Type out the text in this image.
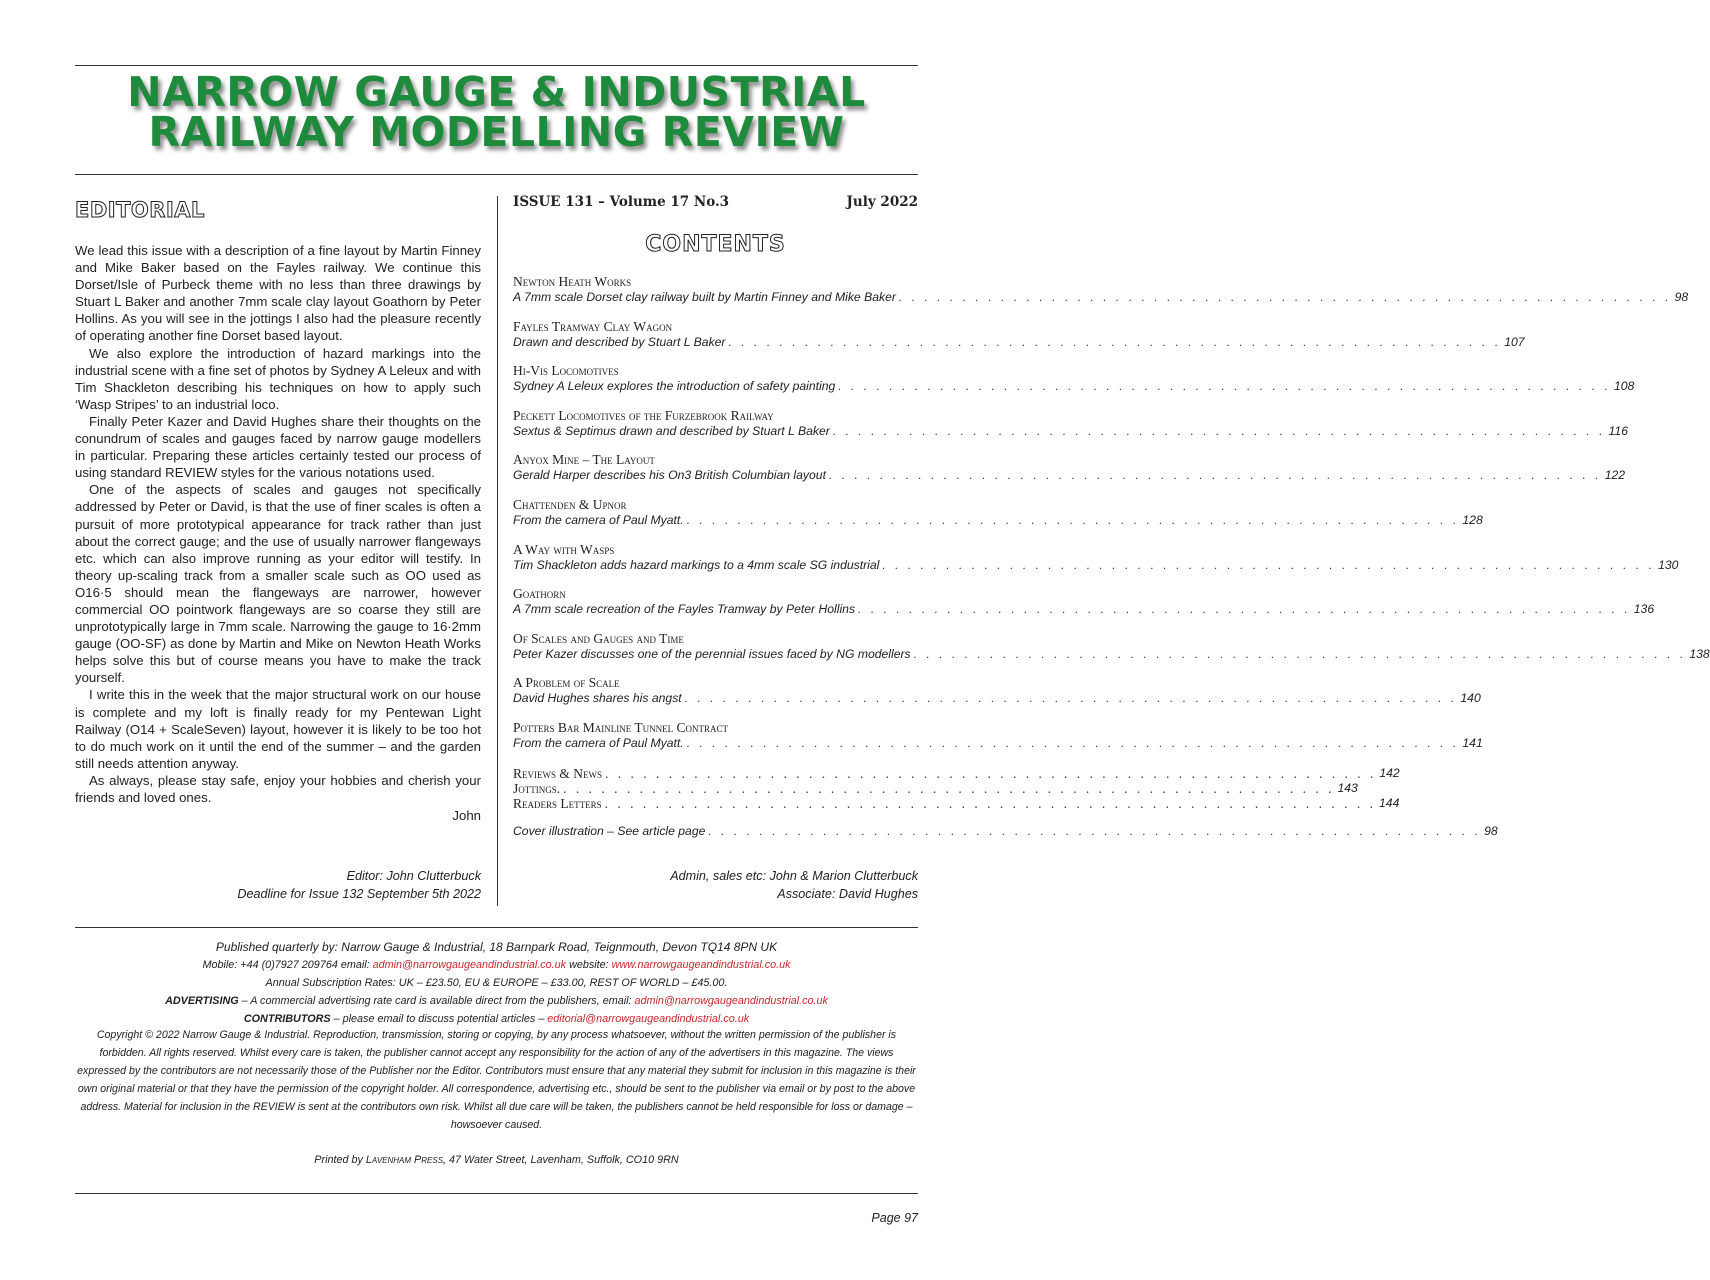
NARROW GAUGE & INDUSTRIAL
RAILWAY MODELLING REVIEW
EDITORIAL

We lead this issue with a description of a fine layout by Martin Finney and Mike Baker based on the Fayles railway. We continue this Dorset/Isle of Purbeck theme with no less than three drawings by Stuart L Baker and another 7mm scale clay layout Goathorn by Peter Hollins. As you will see in the jottings I also had the pleasure recently of operating another fine Dorset based layout.

We also explore the introduction of hazard markings into the industrial scene with a fine set of photos by Sydney A Leleux and with Tim Shackleton describing his techniques on how to apply such ‘Wasp Stripes’ to an industrial loco.

Finally Peter Kazer and David Hughes share their thoughts on the conundrum of scales and gauges faced by narrow gauge modellers in particular. Preparing these articles certainly tested our process of using standard REVIEW styles for the various notations used.

One of the aspects of scales and gauges not specifically addressed by Peter or David, is that the use of finer scales is often a pursuit of more prototypical appearance for track rather than just about the correct gauge; and the use of usually narrower flangeways etc. which can also improve running as your editor will testify. In theory up-scaling track from a smaller scale such as OO used as O16·5 should mean the flangeways are narrower, however commercial OO pointwork flangeways are so coarse they still are unprototypically large in 7mm scale. Narrowing the gauge to 16·2mm gauge (OO-SF) as done by Martin and Mike on Newton Heath Works helps solve this but of course means you have to make the track yourself.

I write this in the week that the major structural work on our house is complete and my loft is finally ready for my Pentewan Light Railway (O14 + ScaleSeven) layout, however it is likely to be too hot to do much work on it until the end of the summer – and the garden still needs attention anyway.

As always, please stay safe, enjoy your hobbies and cherish your friends and loved ones.

John
Editor: John Clutterbuck
Deadline for Issue 132 September 5th 2022
ISSUE 131 – Volume 17 No.3	July 2022
CONTENTS
Newton Heath Works
A 7mm scale Dorset clay railway built by Martin Finney and Mike Baker . . .	98
Fayles Tramway Clay Wagon
Drawn and described by Stuart L Baker . . .	107
Hi-Vis Locomotives
Sydney A Leleux explores the introduction of safety painting . . .	108
Peckett Locomotives of the Furzebrook Railway
Sextus & Septimus drawn and described by Stuart L Baker . . .	116
Anyox Mine – The Layout
Gerald Harper describes his On3 British Columbian layout . . .	122
Chattenden & Upnor
From the camera of Paul Myatt. . . .	128
A Way with Wasps
Tim Shackleton adds hazard markings to a 4mm scale SG industrial . . .	130
Goathorn
A 7mm scale recreation of the Fayles Tramway by Peter Hollins . . .	136
Of Scales and Gauges and Time
Peter Kazer discusses one of the perennial issues faced by NG modellers . . .	138
A Problem of Scale
David Hughes shares his angst . . .	140
Potters Bar Mainline Tunnel Contract
From the camera of Paul Myatt. . . .	141
Reviews & News . . .	142
Jottings. . . .	143
Readers Letters . . .	144
Cover illustration – See article page . . .	98
Admin, sales etc: John & Marion Clutterbuck
Associate: David Hughes
Published quarterly by: Narrow Gauge & Industrial, 18 Barnpark Road, Teignmouth, Devon TQ14 8PN UK
Mobile: +44 (0)7927 209764 email: admin@narrowgaugeandindustrial.co.uk website: www.narrowgaugeandindustrial.co.uk
Annual Subscription Rates: UK – £23.50, EU & EUROPE – £33.00, REST OF WORLD – £45.00.
ADVERTISING – A commercial advertising rate card is available direct from the publishers, email: admin@narrowgaugeandindustrial.co.uk
CONTRIBUTORS – please email to discuss potential articles – editorial@narrowgaugeandindustrial.co.uk
Copyright © 2022 Narrow Gauge & Industrial. Reproduction, transmission, storing or copying, by any process whatsoever, without the written permission of the publisher is forbidden. All rights reserved. Whilst every care is taken, the publisher cannot accept any responsibility for the action of any of the advertisers in this magazine. The views expressed by the contributors are not necessarily those of the Publisher nor the Editor. Contributors must ensure that any material they submit for inclusion in this magazine is their own original material or that they have the permission of the copyright holder. All correspondence, advertising etc., should be sent to the publisher via email or by post to the above address. Material for inclusion in the REVIEW is sent at the contributors own risk. Whilst all due care will be taken, the publishers cannot be held responsible for loss or damage – howsoever caused.
Printed by Lavenham Press, 47 Water Street, Lavenham, Suffolk, CO10 9RN
Page 97
